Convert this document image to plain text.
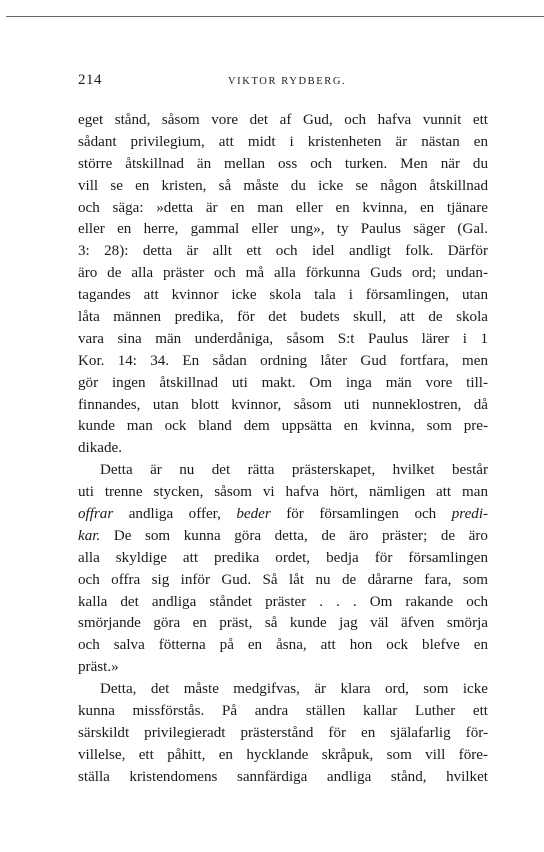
214	VIKTOR RYDBERG.
eget stånd, såsom vore det af Gud, och hafva vunnit ett
sådant privilegium, att midt i kristenheten är nästan en
större åtskillnad än mellan oss och turken. Men när du
vill se en kristen, så måste du icke se någon åtskillnad
och säga: »detta är en man eller en kvinna, en tjänare
eller en herre, gammal eller ung», ty Paulus säger (Gal.
3: 28): detta är allt ett och idel andligt folk. Därför
äro de alla präster och må alla förkunna Guds ord; undan-
tagandes att kvinnor icke skola tala i församlingen, utan
låta männen predika, för det budets skull, att de skola
vara sina män underdåniga, såsom S:t Paulus lärer i 1
Kor. 14: 34. En sådan ordning låter Gud fortfara, men
gör ingen åtskillnad uti makt. Om inga män vore till-
finnandes, utan blott kvinnor, såsom uti nunneklostren, då
kunde man ock bland dem uppsätta en kvinna, som pre-
dikade.
Detta är nu det rätta prästerskapet, hvilket består
uti trenne stycken, såsom vi hafva hört, nämligen att man
offrar andliga offer, beder för församlingen och predi-
kar. De som kunna göra detta, de äro präster; de äro
alla skyldige att predika ordet, bedja för församlingen
och offra sig inför Gud. Så låt nu de dårarne fara, som
kalla det andliga ståndet präster . . . Om rakande och
smörjande göra en präst, så kunde jag väl äfven smörja
och salva fötterna på en åsna, att hon ock blefve en
präst.»
Detta, det måste medgifvas, är klara ord, som icke
kunna missförstås. På andra ställen kallar Luther ett
särskildt privilegieradt prästerstånd för en själafarlig för-
villelse, ett påhitt, en hycklande skråpuk, som vill före-
ställa kristendomens sannfärdiga andliga stånd, hvilket
